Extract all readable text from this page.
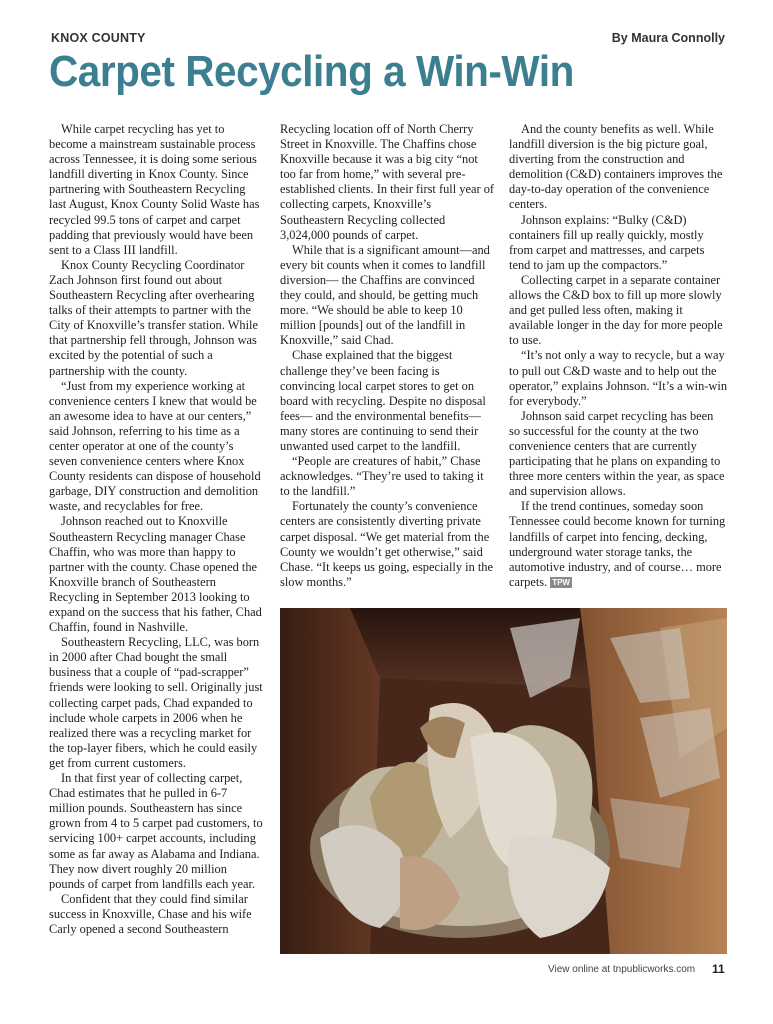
KNOX COUNTY	By Maura Connolly
Carpet Recycling a Win-Win

While carpet recycling has yet to become a mainstream sustainable process across Tennessee, it is doing some serious landfill diverting in Knox County. Since partnering with Southeastern Recycling last August, Knox County Solid Waste has recycled 99.5 tons of carpet and carpet padding that previously would have been sent to a Class III landfill.

Knox County Recycling Coordinator Zach Johnson first found out about Southeastern Recycling after overhearing talks of their attempts to partner with the City of Knoxville’s transfer station. While that partnership fell through, Johnson was excited by the potential of such a partnership with the county.

“Just from my experience working at convenience centers I knew that would be an awesome idea to have at our centers,” said Johnson, referring to his time as a center operator at one of the county’s seven convenience centers where Knox County residents can dispose of household garbage, DIY construction and demolition waste, and recyclables for free.

Johnson reached out to Knoxville Southeastern Recycling manager Chase Chaffin, who was more than happy to partner with the county. Chase opened the Knoxville branch of Southeastern Recycling in September 2013 looking to expand on the success that his father, Chad Chaffin, found in Nashville.

Southeastern Recycling, LLC, was born in 2000 after Chad bought the small business that a couple of “pad-scrapper” friends were looking to sell. Originally just collecting carpet pads, Chad expanded to include whole carpets in 2006 when he realized there was a recycling market for the top-layer fibers, which he could easily get from current customers.

In that first year of collecting carpet, Chad estimates that he pulled in 6-7 million pounds. Southeastern has since grown from 4 to 5 carpet pad customers, to servicing 100+ carpet accounts, including some as far away as Alabama and Indiana. They now divert roughly 20 million pounds of carpet from landfills each year.

Confident that they could find similar success in Knoxville, Chase and his wife Carly opened a second Southeastern

Recycling location off of North Cherry Street in Knoxville. The Chaffins chose Knoxville because it was a big city “not too far from home,” with several pre-established clients. In their first full year of collecting carpets, Knoxville’s Southeastern Recycling collected 3,024,000 pounds of carpet.

While that is a significant amount—and every bit counts when it comes to landfill diversion— the Chaffins are convinced they could, and should, be getting much more. “We should be able to keep 10 million [pounds] out of the landfill in Knoxville,” said Chad.

Chase explained that the biggest challenge they’ve been facing is convincing local carpet stores to get on board with recycling. Despite no disposal fees— and the environmental benefits—many stores are continuing to send their unwanted used carpet to the landfill.

“People are creatures of habit,” Chase acknowledges. “They’re used to taking it to the landfill.”

Fortunately the county’s convenience centers are consistently diverting private carpet disposal. “We get material from the County we wouldn’t get otherwise,” said Chase. “It keeps us going, especially in the slow months.”

And the county benefits as well. While landfill diversion is the big picture goal, diverting from the construction and demolition (C&D) containers improves the day-to-day operation of the convenience centers.

Johnson explains: “Bulky (C&D) containers fill up really quickly, mostly from carpet and mattresses, and carpets tend to jam up the compactors.”

Collecting carpet in a separate container allows the C&D box to fill up more slowly and get pulled less often, making it available longer in the day for more people to use.

“It’s not only a way to recycle, but a way to pull out C&D waste and to help out the operator,” explains Johnson. “It’s a win-win for everybody.”

Johnson said carpet recycling has been so successful for the county at the two convenience centers that are currently participating that he plans on expanding to three more centers within the year, as space and supervision allows.

If the trend continues, someday soon Tennessee could become known for turning landfills of carpet into fencing, decking, underground water storage tanks, the automotive industry, and of course… more carpets. TPW

View online at tnpublicworks.com 11
